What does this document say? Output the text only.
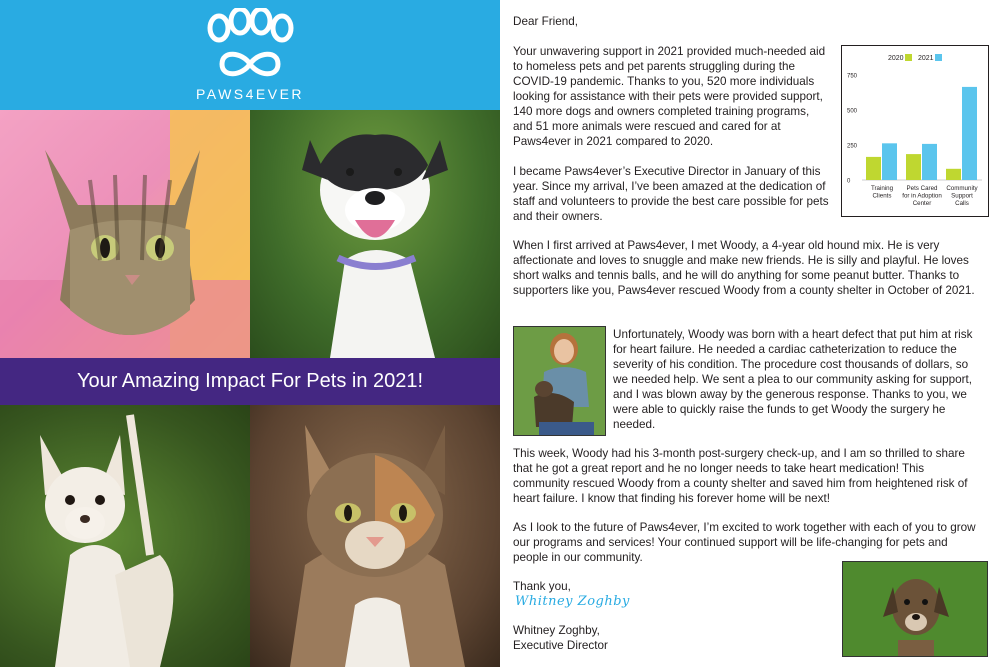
PAWS4EVER
Your Amazing Impact For Pets in 2021!
Dear Friend,
Your unwavering support in 2021 provided much-needed aid to homeless pets and pet parents struggling during the COVID-19 pandemic. Thanks to you, 520 more individuals looking for assistance with their pets were provided support, 140 more dogs and owners completed training programs, and 51 more animals were rescued and cared for at Paws4ever in 2021 compared to 2020.
I became Paws4ever’s Executive Director in January of this year. Since my arrival, I’ve been amazed at the dedication of staff and volunteers to provide the best care possible for pets and their owners.
When I first arrived at Paws4ever, I met Woody, a 4-year old hound mix. He is very affectionate and loves to snuggle and make new friends. He is silly and playful. He loves short walks and tennis balls, and he will do anything for some peanut butter. Thanks to supporters like you, Paws4ever rescued Woody from a county shelter in October of 2021.
Unfortunately, Woody was born with a heart defect that put him at risk for heart failure. He needed a cardiac catheterization to reduce the severity of his condition. The procedure cost thousands of dollars, so we needed help. We sent a plea to our community asking for support, and I was blown away by the generous response. Thanks to you, we were able to quickly raise the funds to get Woody the surgery he needed.
This week, Woody had his 3-month post-surgery check-up, and I am so thrilled to share that he got a great report and he no longer needs to take heart medication! This community rescued Woody from a county shelter and saved him from heightened risk of heart failure. I know that finding his forever home will be next!
As I look to the future of Paws4ever, I’m excited to work together with each of you to grow our programs and services! Your continued support will be life-changing for pets and people in our community.
Thank you,
Whitney Zoghby
Whitney Zoghby,
Executive Director
0
250
500
750
2020 2021
Training
Clients
Pets Cared
for in Adoption
Center
Community
Support
Calls
